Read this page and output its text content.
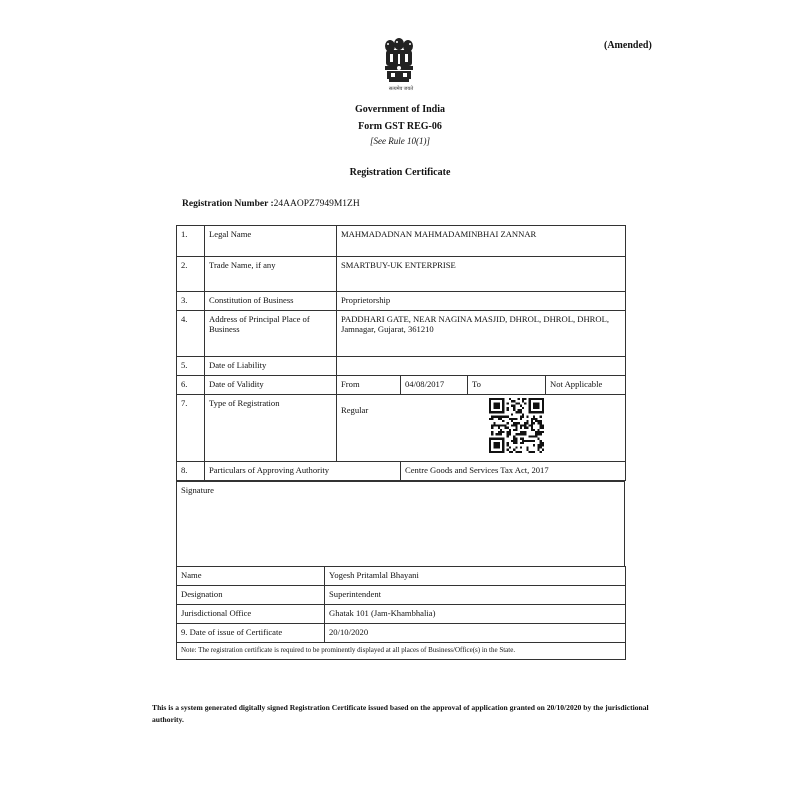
सत्यमेव जयते
(Amended)
Government of India
Form GST REG-06
[See Rule 10(1)]
Registration Certificate
Registration Number :24AAOPZ7949M1ZH
1.	Legal Name	MAHMADADNAN MAHMADAMINBHAI ZANNAR			
2.	Trade Name, if any	SMARTBUY-UK ENTERPRISE			
3.	Constitution of Business	Proprietorship			
4.	Address of Principal Place of Business	PADDHARI GATE, NEAR NAGINA MASJID, DHROL, DHROL, DHROL, Jamnagar, Gujarat, 361210			
5.	Date of Liability				
6.	Date of Validity	From	04/08/2017	To	Not Applicable
7.	Type of Registration	Regular			

8.	Particulars of Approving Authority		Centre Goods and Services Tax Act, 2017		
Signature
Name	Yogesh Pritamlal Bhayani
Designation	Superintendent
Jurisdictional Office	Ghatak 101 (Jam-Khambhalia)
9. Date of issue of Certificate	20/10/2020
Note: The registration certificate is required to be prominently displayed at all places of Business/Office(s) in the State.	
This is a system generated digitally signed Registration Certificate issued based on the approval of application granted on 20/10/2020 by the jurisdictional authority.
